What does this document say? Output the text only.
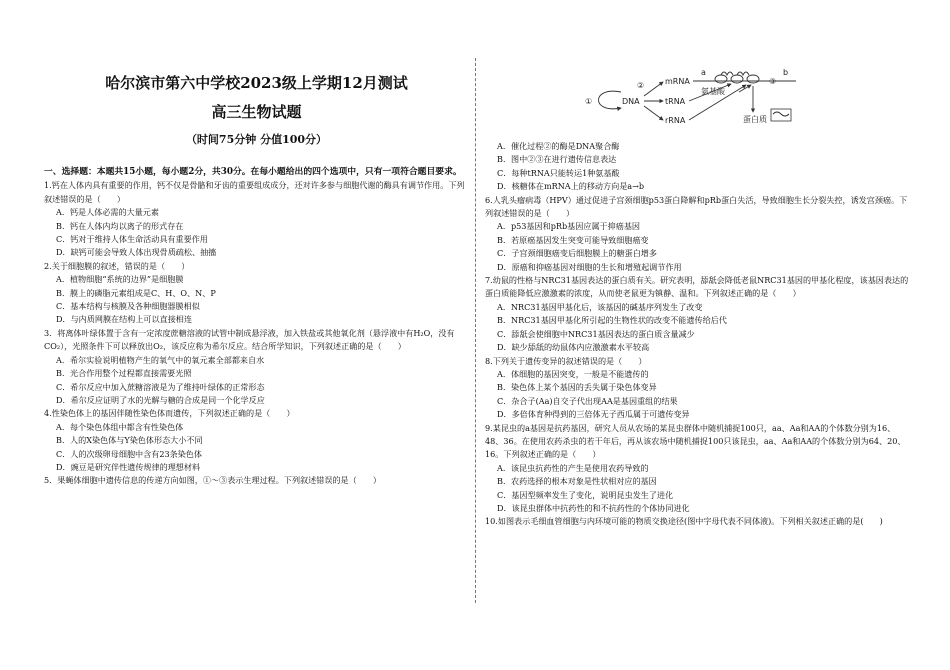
哈尔滨市第六中学校2023级上学期12月测试
高三生物试题
（时间75分钟 分值100分）

一、选择题：本题共15小题，每小题2分，共30分。在每小题给出的四个选项中，只有一项符合题目要求。

1.钙在人体内具有重要的作用，钙不仅是骨骼和牙齿的重要组成成分，还对许多参与细胞代谢的酶具有调节作用。下列叙述错误的是（　　）

A．钙是人体必需的大量元素

B．钙在人体内均以离子的形式存在

C．钙对于维持人体生命活动具有重要作用

D．缺钙可能会导致人体出现骨质疏松、抽搐

2.关于细胞膜的叙述，错误的是（　　）

A．植物细胞“系统的边界”是细胞膜

B．膜上的磷脂元素组成是C、H、O、N、P

C．基本结构与核膜及各种细胞器膜相似

D．与内质网膜在结构上可以直接相连

3．将离体叶绿体置于含有一定浓度蔗糖溶液的试管中制成悬浮液，加入铁盐或其他氧化剂（悬浮液中有H₂O，没有CO₂），光照条件下可以释放出O₂，该反应称为希尔反应。结合所学知识，下列叙述正确的是（　　）

A．希尔实验说明植物产生的氧气中的氧元素全部都来自水

B．光合作用整个过程都直接需要光照

C．希尔反应中加入蔗糖溶液是为了维持叶绿体的正常形态

D．希尔反应证明了水的光解与糖的合成是同一个化学反应

4.性染色体上的基因伴随性染色体而遗传，下列叙述正确的是（　　）

A．每个染色体组中都含有性染色体

B．人的X染色体与Y染色体形态大小不同

C．人的次级卵母细胞中含有23条染色体

D．豌豆是研究伴性遗传规律的理想材料

5．果蝇体细胞中遗传信息的传递方向如图，①～③表示生理过程。下列叙述错误的是（　　）

①	DNA
②	mRNA
tRNA
rRNA
a	b
③
氨基酸
蛋白质

A．催化过程②的酶是DNA聚合酶

B．图中②③在进行遗传信息表达

C．每种tRNA只能转运1种氨基酸

D．核糖体在mRNA上的移动方向是a→b

6.人乳头瘤病毒（HPV）通过促进子宫颈细胞p53蛋白降解和pRb蛋白失活，导致细胞生长分裂失控，诱发宫颈癌。下列叙述错误的是（　　）

A．p53基因和pRb基因应属于抑癌基因

B．若原癌基因发生突变可能导致细胞癌变

C．子宫颈细胞癌变后细胞膜上的糖蛋白增多

D．原癌和抑癌基因对细胞的生长和增殖起调节作用

7.幼鼠的性格与NRC31基因表达的蛋白质有关。研究表明，舔舐会降低老鼠NRC31基因的甲基化程度，该基因表达的蛋白质能降低应激激素的浓度，从而使老鼠更为镇静、温和。下列叙述正确的是（　　）

A．NRC31基因甲基化后，该基因的碱基序列发生了改变

B．NRC31基因甲基化所引起的生物性状的改变不能遗传给后代

C．舔舐会使细胞中NRC31基因表达的蛋白质含量减少

D．缺少舔舐的幼鼠体内应激激素水平较高

8.下列关于遗传变异的叙述错误的是（　　）

A．体细胞的基因突变，一般是不能遗传的

B．染色体上某个基因的丢失属于染色体变异

C．杂合子(Aa)自交子代出现AA是基因重组的结果

D．多倍体育种得到的三倍体无子西瓜属于可遗传变异

9.某昆虫的a基因是抗药基因，研究人员从农场的某昆虫群体中随机捕捉100只，aa、Aa和AA的个体数分别为16、48、36。在使用农药杀虫的若干年后，再从该农场中随机捕捉100只该昆虫，aa、Aa和AA的个体数分别为64、20、16。下列叙述正确的是（　　）

A．该昆虫抗药性的产生是使用农药导致的

B．农药选择的根本对象是性状相对应的基因

C．基因型频率发生了变化，说明昆虫发生了进化

D．该昆虫群体中抗药性的和不抗药性的个体协同进化

10.如图表示毛细血管细胞与内环境可能的物质交换途径(图中字母代表不同体液)。下列相关叙述正确的是(　　)
